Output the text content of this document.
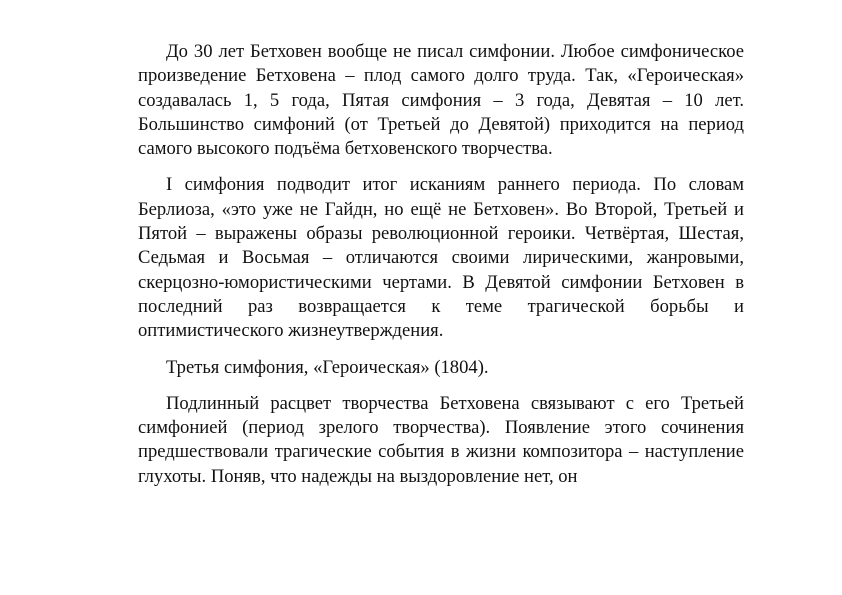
До 30 лет Бетховен вообще не писал симфонии. Любое симфоническое произведение Бетховена – плод самого долго труда. Так, «Героическая» создавалась 1, 5 года, Пятая симфония – 3 года, Девятая – 10 лет. Большинство симфоний (от Третьей до Девятой) приходится на период самого высокого подъёма бетховенского творчества.

I симфония подводит итог исканиям раннего периода. По словам Берлиоза, «это уже не Гайдн, но ещё не Бетховен». Во Второй, Третьей и Пятой – выражены образы революционной героики. Четвёртая, Шестая, Седьмая и Восьмая – отличаются своими лирическими, жанровыми, скерцозно-юмористическими чертами. В Девятой симфонии Бетховен в последний раз возвращается к теме трагической борьбы и оптимистического жизнеутверждения.

Третья симфония, «Героическая» (1804).

Подлинный расцвет творчества Бетховена связывают с его Третьей симфонией (период зрелого творчества). Появление этого сочинения предшествовали трагические события в жизни композитора – наступление глухоты. Поняв, что надежды на выздоровление нет, он
